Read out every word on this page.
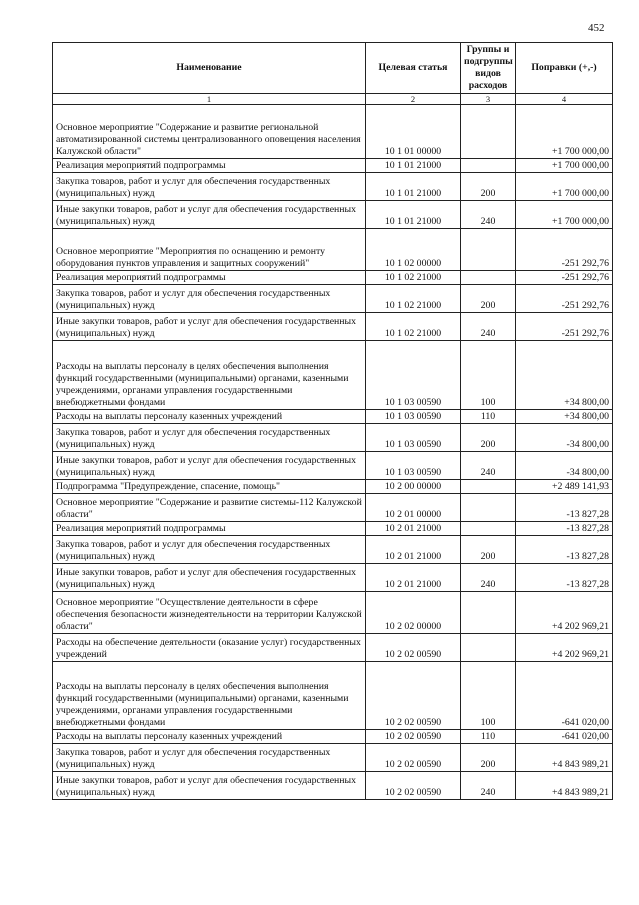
452
Наименование	Целевая статья	Группы и подгруппы видов расходов	Поправки (+,-)
1	2	3	4
Основное мероприятие "Содержание и развитие региональной автоматизированной системы централизованного оповещения населения Калужской области"	10 1 01 00000		+1 700 000,00
Реализация мероприятий подпрограммы	10 1 01 21000		+1 700 000,00
Закупка товаров, работ и услуг для обеспечения государственных (муниципальных) нужд	10 1 01 21000	200	+1 700 000,00
Иные закупки товаров, работ и услуг для обеспечения государственных (муниципальных) нужд	10 1 01 21000	240	+1 700 000,00
Основное мероприятие "Мероприятия по оснащению и ремонту оборудования пунктов управления и защитных сооружений"	10 1 02 00000		-251 292,76
Реализация мероприятий подпрограммы	10 1 02 21000		-251 292,76
Закупка товаров, работ и услуг для обеспечения государственных (муниципальных) нужд	10 1 02 21000	200	-251 292,76
Иные закупки товаров, работ и услуг для обеспечения государственных (муниципальных) нужд	10 1 02 21000	240	-251 292,76
Расходы на выплаты персоналу в целях обеспечения выполнения функций государственными (муниципальными) органами, казенными учреждениями, органами управления государственными внебюджетными фондами	10 1 03 00590	100	+34 800,00
Расходы на выплаты персоналу казенных учреждений	10 1 03 00590	110	+34 800,00
Закупка товаров, работ и услуг для обеспечения государственных (муниципальных) нужд	10 1 03 00590	200	-34 800,00
Иные закупки товаров, работ и услуг для обеспечения государственных (муниципальных) нужд	10 1 03 00590	240	-34 800,00
Подпрограмма "Предупреждение, спасение, помощь"	10 2 00 00000		+2 489 141,93
Основное мероприятие "Содержание и развитие системы-112 Калужской области"	10 2 01 00000		-13 827,28
Реализация мероприятий подпрограммы	10 2 01 21000		-13 827,28
Закупка товаров, работ и услуг для обеспечения государственных (муниципальных) нужд	10 2 01 21000	200	-13 827,28
Иные закупки товаров, работ и услуг для обеспечения государственных (муниципальных) нужд	10 2 01 21000	240	-13 827,28
Основное мероприятие "Осуществление деятельности в сфере обеспечения безопасности жизнедеятельности на территории Калужской области"	10 2 02 00000		+4 202 969,21
Расходы на обеспечение деятельности (оказание услуг) государственных учреждений	10 2 02 00590		+4 202 969,21
Расходы на выплаты персоналу в целях обеспечения выполнения функций государственными (муниципальными) органами, казенными учреждениями, органами управления государственными внебюджетными фондами	10 2 02 00590	100	-641 020,00
Расходы на выплаты персоналу казенных учреждений	10 2 02 00590	110	-641 020,00
Закупка товаров, работ и услуг для обеспечения государственных (муниципальных) нужд	10 2 02 00590	200	+4 843 989,21
Иные закупки товаров, работ и услуг для обеспечения государственных (муниципальных) нужд	10 2 02 00590	240	+4 843 989,21
